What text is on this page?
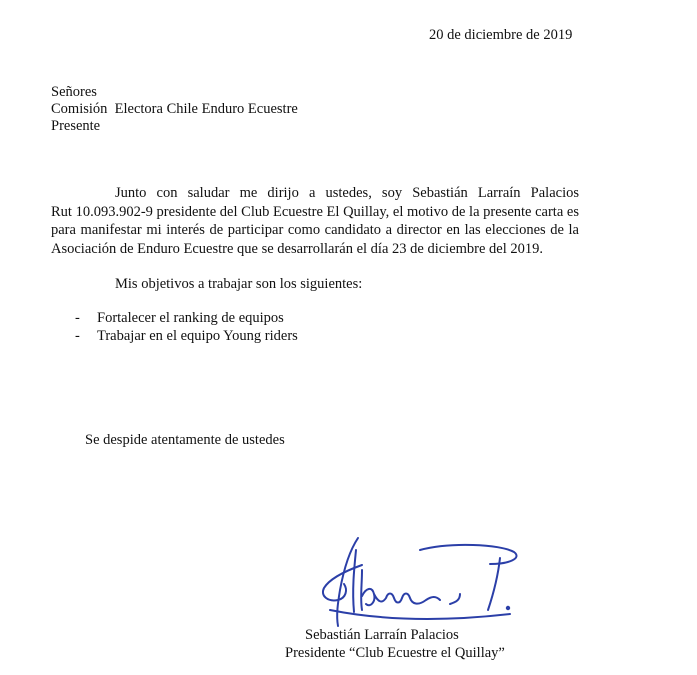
20 de diciembre de 2019
Señores
Comisión  Electora Chile Enduro Ecuestre
Presente
Junto  con  saludar  me  dirijo  a  ustedes,  soy  Sebastián  Larraín  Palacios
Rut 10.093.902-9 presidente del Club Ecuestre El Quillay, el motivo de la presente carta es
para manifestar mi interés de participar como candidato a director en las elecciones de la
Asociación de Enduro Ecuestre que se desarrollarán el día 23 de diciembre del 2019.
Mis objetivos a trabajar son los siguientes:
- Fortalecer el ranking de equipos
- Trabajar en el equipo Young riders
Se despide atentamente de ustedes
Sebastián Larraín Palacios
Presidente “Club Ecuestre el Quillay”
